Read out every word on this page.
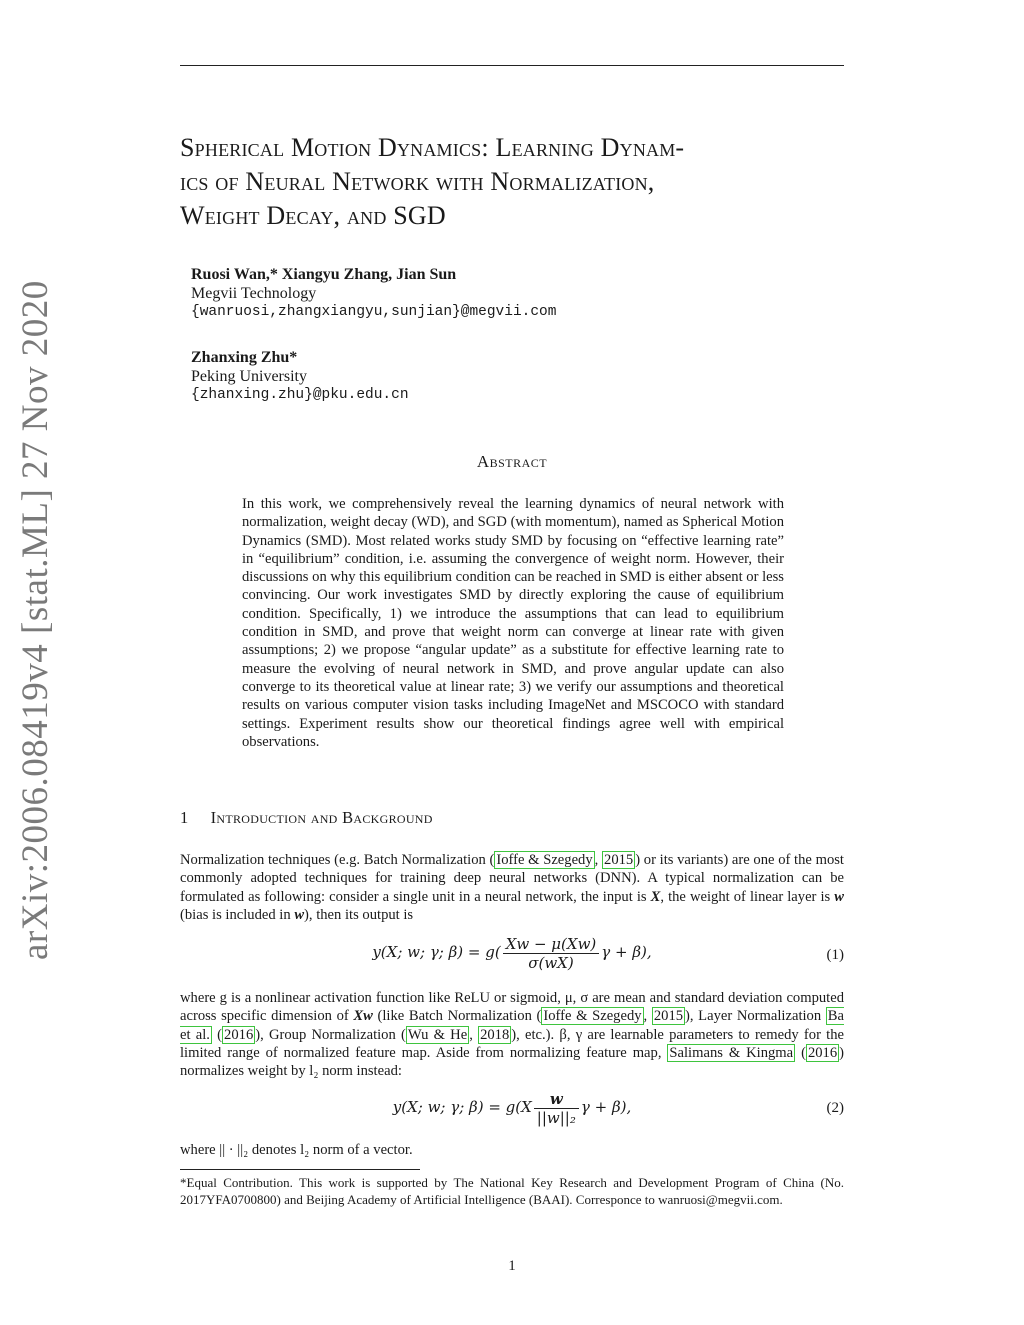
arXiv:2006.08419v4 [stat.ML] 27 Nov 2020
Spherical Motion Dynamics: Learning Dynam-
ics of Neural Network with Normalization,
Weight Decay, and SGD
Ruosi Wan,* Xiangyu Zhang, Jian Sun
Megvii Technology
{wanruosi,zhangxiangyu,sunjian}@megvii.com
Zhanxing Zhu*
Peking University
{zhanxing.zhu}@pku.edu.cn
Abstract
In this work, we comprehensively reveal the learning dynamics of neural network with normalization, weight decay (WD), and SGD (with momentum), named as Spherical Motion Dynamics (SMD). Most related works study SMD by focusing on “effective learning rate” in “equilibrium” condition, i.e. assuming the convergence of weight norm. However, their discussions on why this equilibrium condition can be reached in SMD is either absent or less convincing. Our work investigates SMD by directly exploring the cause of equilibrium condition. Specifically, 1) we introduce the assumptions that can lead to equilibrium condition in SMD, and prove that weight norm can converge at linear rate with given assumptions; 2) we propose “angular update” as a substitute for effective learning rate to measure the evolving of neural network in SMD, and prove angular update can also converge to its theoretical value at linear rate; 3) we verify our assumptions and theoretical results on various computer vision tasks including ImageNet and MSCOCO with standard settings. Experiment results show our theoretical findings agree well with empirical observations.
1 Introduction and Background
Normalization techniques (e.g. Batch Normalization ( Ioffe & Szegedy , 2015 ) or its variants) are one of the most commonly adopted techniques for training deep neural networks (DNN). A typical normalization can be formulated as following: consider a single unit in a neural network, the input is X, the weight of linear layer is w (bias is included in w), then its output is
y(X; w; γ; $\beta) = g( \frac{Xw - \mu(Xw)}{\sigma(wX)}$ γ + β),	(1)
where g is a nonlinear activation function like ReLU or sigmoid, μ, σ are mean and standard deviation computed across specific dimension of Xw (like Batch Normalization ( Ioffe & Szegedy , 2015 ), Layer Normalization Ba et al. ( 2016 ), Group Normalization ( Wu & He , 2018 ), etc.). β, γ are learnable parameters to remedy for the limited range of normalized feature map. Aside from normalizing feature map, Salimans & Kingma ( 2016 ) normalizes weight by l₂ norm instead:
y(X; w; γ; $\beta) = g(X \frac{w}{\text{||w||₂}}$ γ + β),	(2)
where || · ||₂ denotes l₂ norm of a vector.
*Equal Contribution. This work is supported by The National Key Research and Development Program of China (No. 2017YFA0700800) and Beijing Academy of Artificial Intelligence (BAAI). Corresponce to wanruosi@megvii.com.
1
